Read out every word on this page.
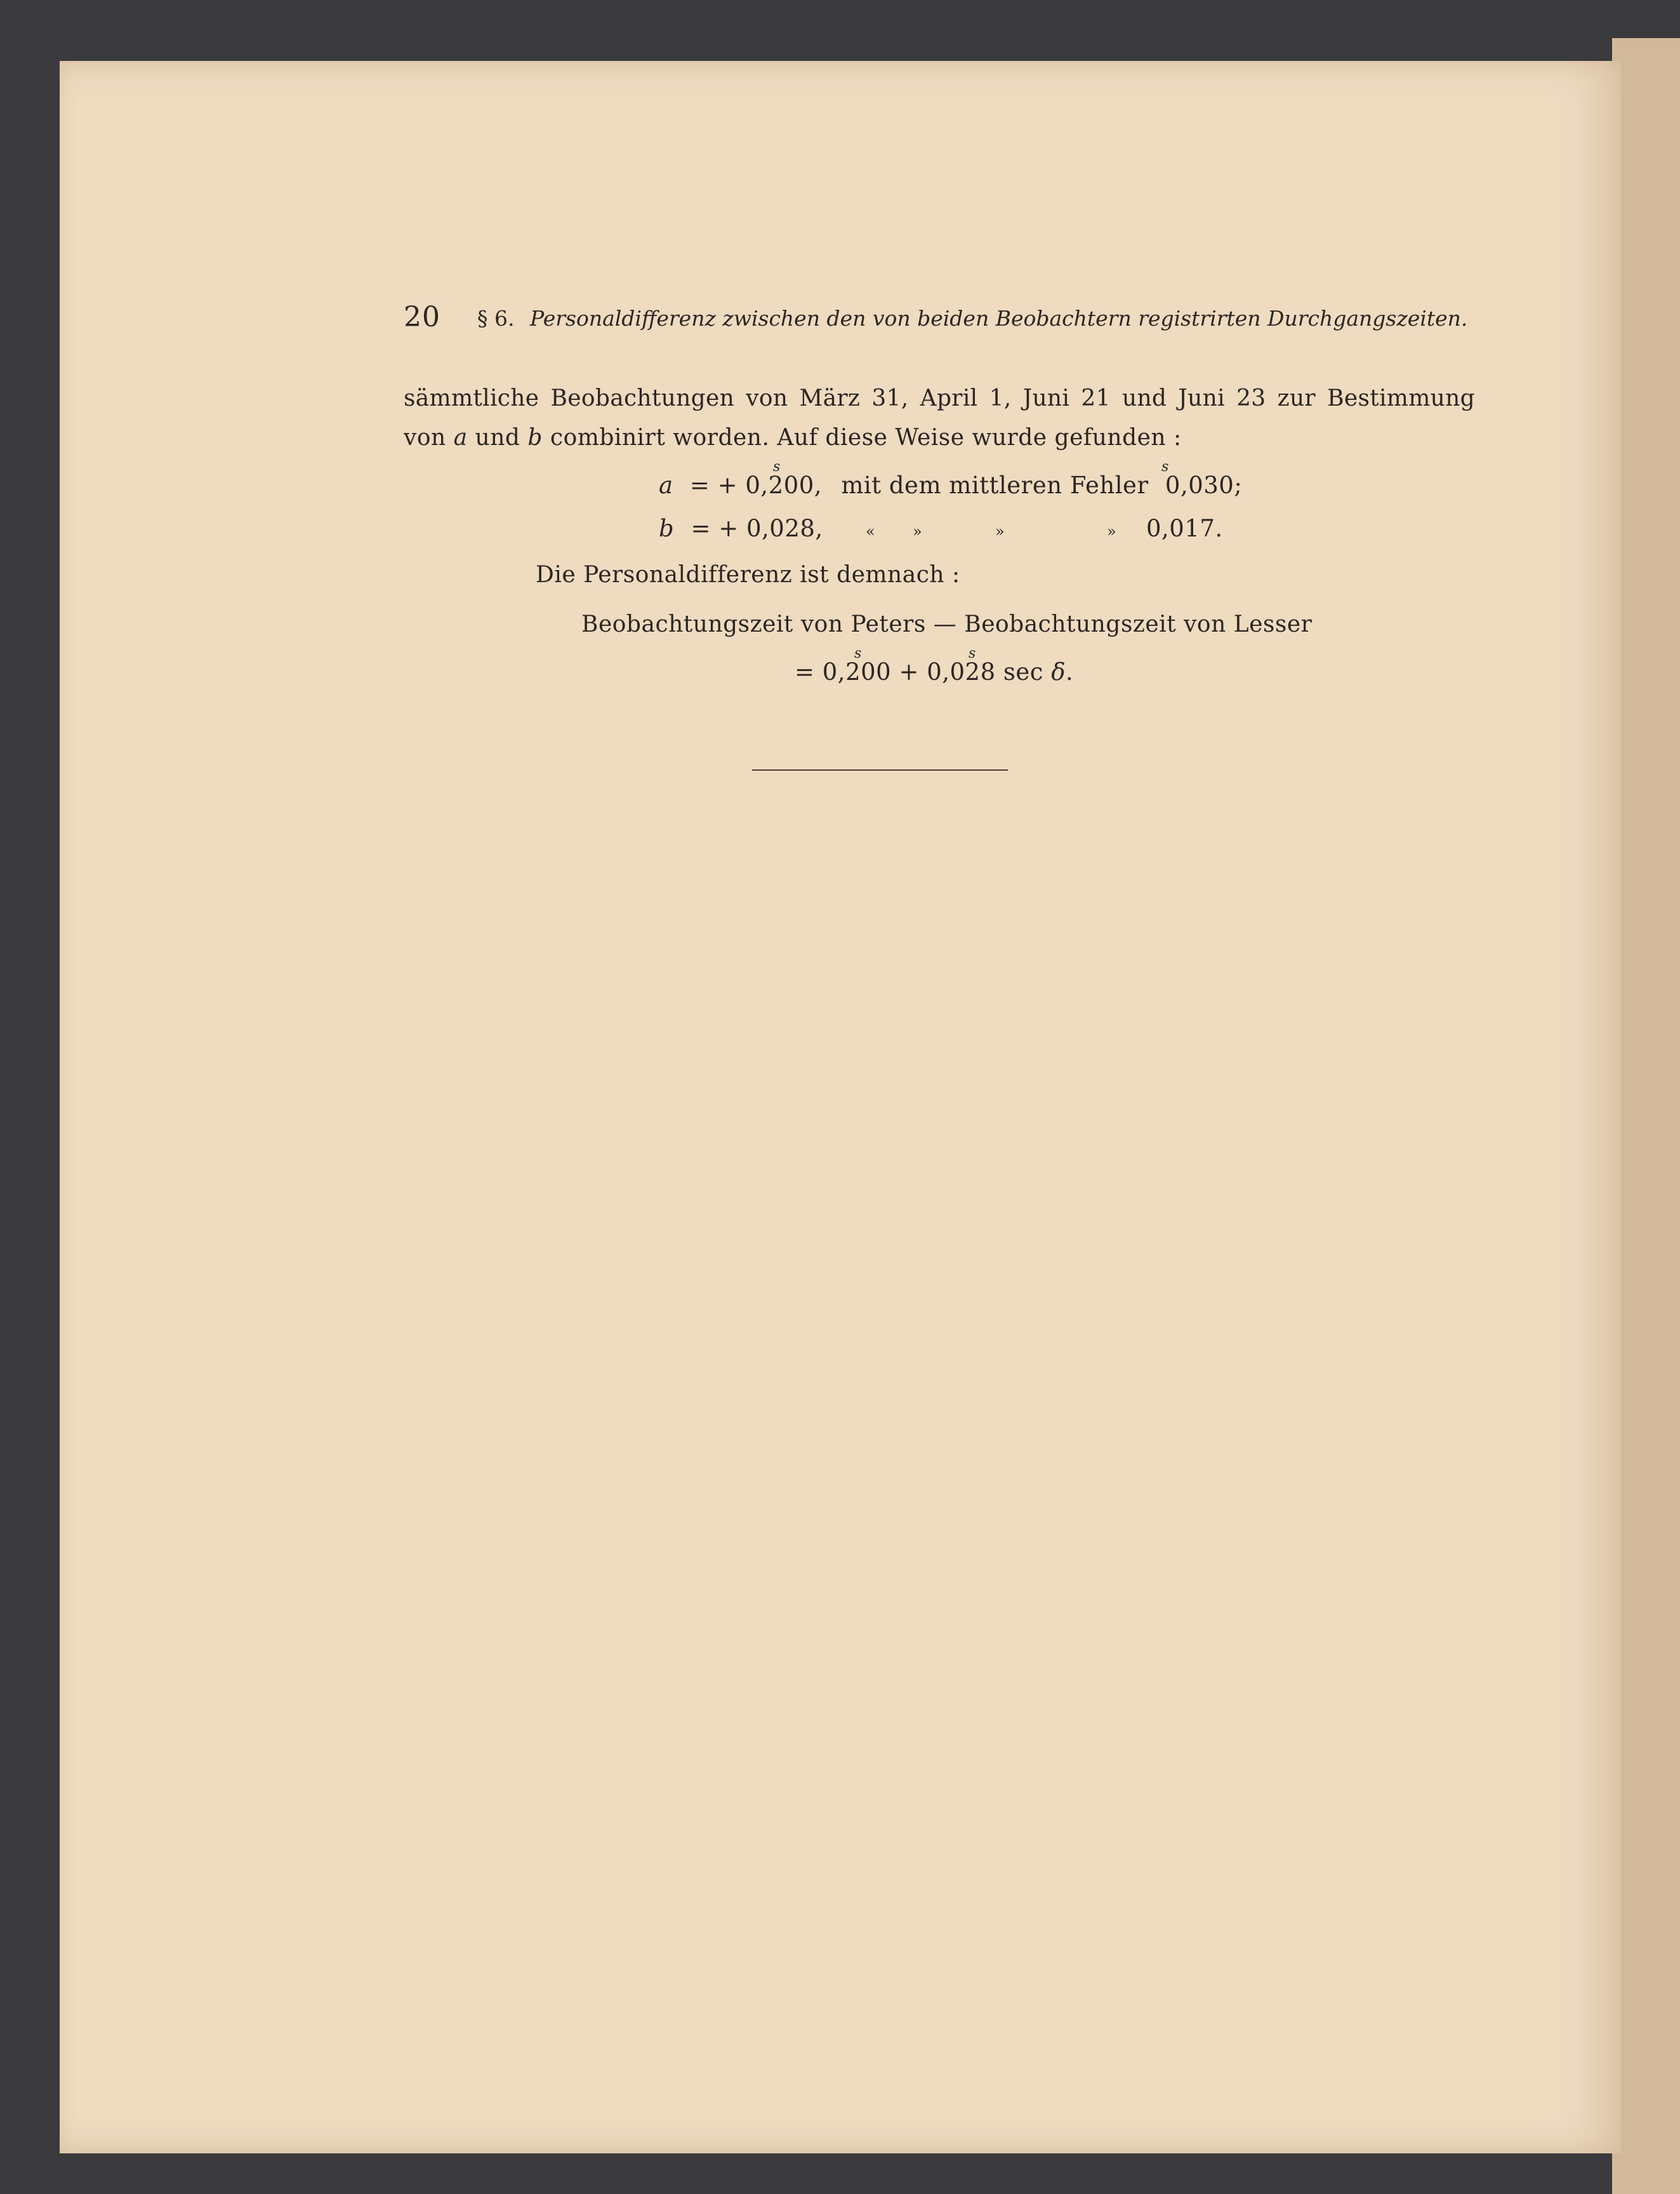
20 § 6. Personaldifferenz zwischen den von beiden Beobachtern registrirten Durchgangszeiten.
sämmtliche Beobachtungen von März 31, April 1, Juni 21 und Juni 23 zur Bestimmung
von a und b combinirt worden. Auf diese Weise wurde gefunden :
a = + 0,200, mit dem mittleren Fehler 0,030;
s	s
b = + 0,028,	« »	»	» 0,017.
Die Personaldifferenz ist demnach :
Beobachtungszeit von Peters — Beobachtungszeit von Lesser
= 0,200 + 0,028 sec δ.
s	s
